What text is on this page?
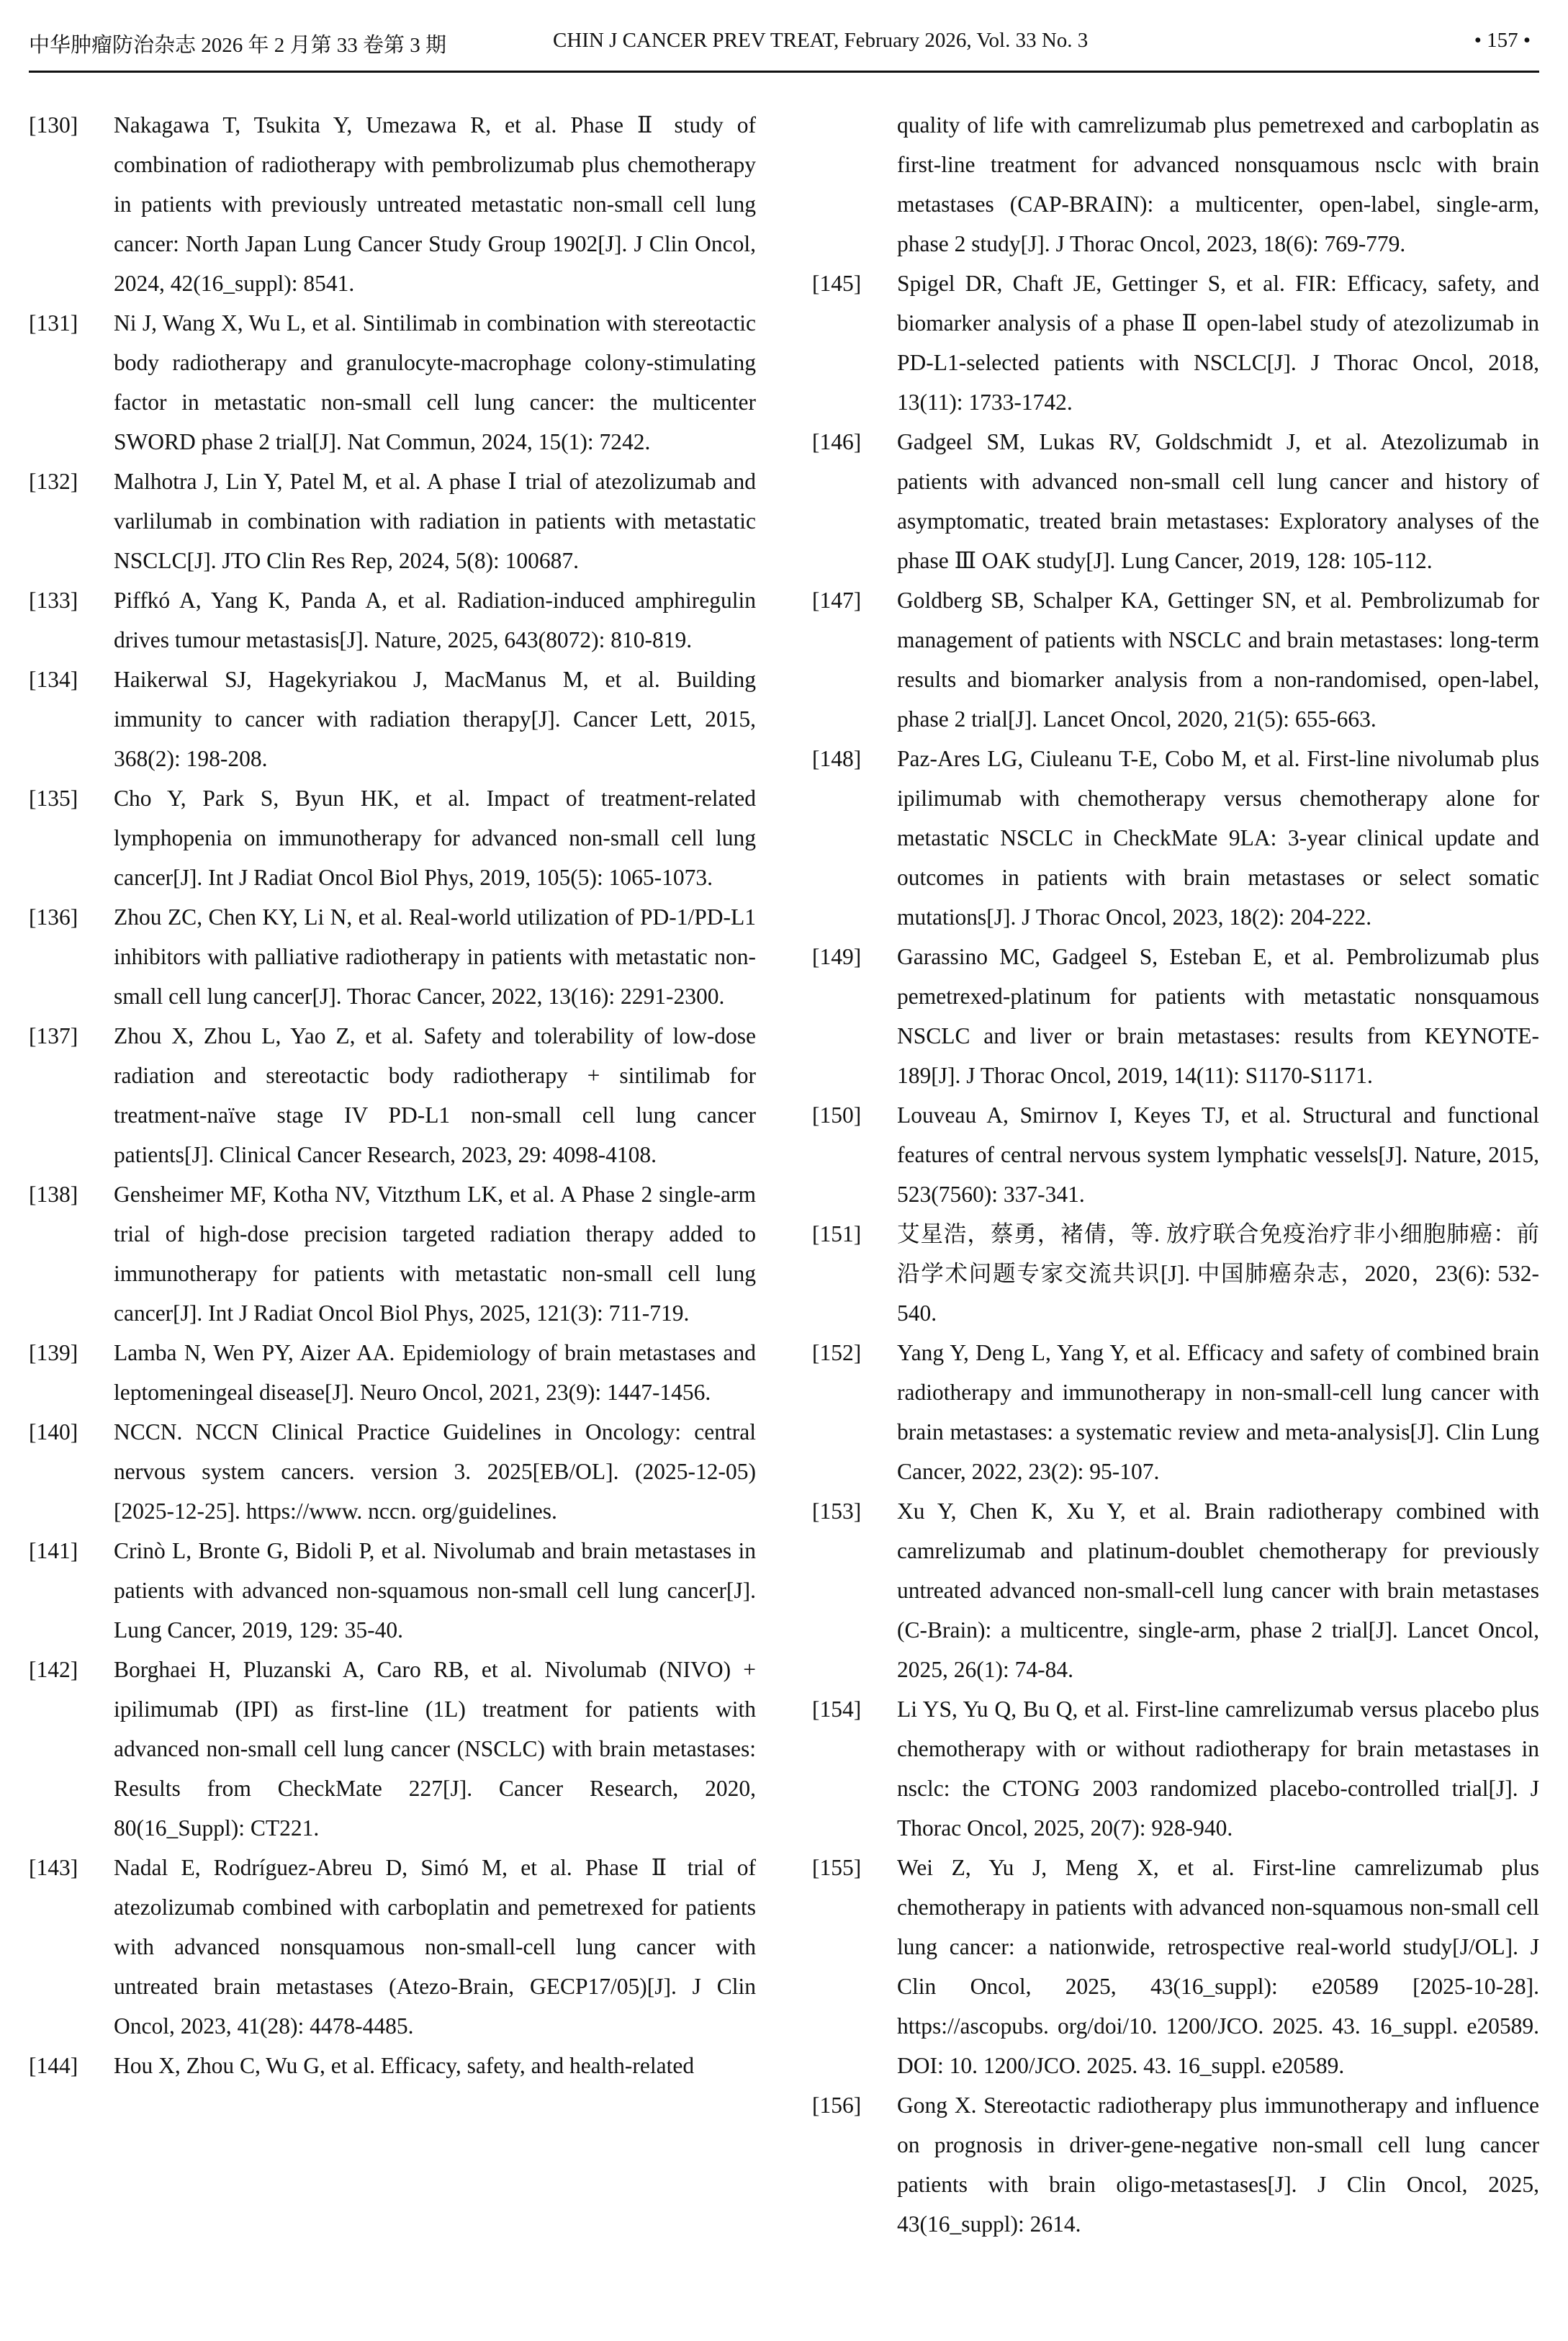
中华肿瘤防治杂志 2026 年 2 月第 33 卷第 3 期	CHIN J CANCER PREV TREAT, February 2026, Vol. 33 No. 3	• 157 •
[130] Nakagawa T, Tsukita Y, Umezawa R, et al. Phase Ⅱ study of combination of radiotherapy with pembrolizumab plus chemotherapy in patients with previously untreated metastatic non-small cell lung cancer: North Japan Lung Cancer Study Group 1902[J]. J Clin Oncol, 2024, 42(16_suppl): 8541.
[131] Ni J, Wang X, Wu L, et al. Sintilimab in combination with stereotactic body radiotherapy and granulocyte-macrophage colony-stimulating factor in metastatic non-small cell lung cancer: the multicenter SWORD phase 2 trial[J]. Nat Commun, 2024, 15(1): 7242.
[132] Malhotra J, Lin Y, Patel M, et al. A phase Ⅰ trial of atezolizumab and varlilumab in combination with radiation in patients with metastatic NSCLC[J]. JTO Clin Res Rep, 2024, 5(8): 100687.
[133] Piffkó A, Yang K, Panda A, et al. Radiation-induced amphiregulin drives tumour metastasis[J]. Nature, 2025, 643(8072): 810-819.
[134] Haikerwal SJ, Hagekyriakou J, MacManus M, et al. Building immunity to cancer with radiation therapy[J]. Cancer Lett, 2015, 368(2): 198-208.
[135] Cho Y, Park S, Byun HK, et al. Impact of treatment-related lymphopenia on immunotherapy for advanced non-small cell lung cancer[J]. Int J Radiat Oncol Biol Phys, 2019, 105(5): 1065-1073.
[136] Zhou ZC, Chen KY, Li N, et al. Real-world utilization of PD-1/PD-L1 inhibitors with palliative radiotherapy in patients with metastatic non-small cell lung cancer[J]. Thorac Cancer, 2022, 13(16): 2291-2300.
[137] Zhou X, Zhou L, Yao Z, et al. Safety and tolerability of low-dose radiation and stereotactic body radiotherapy + sintilimab for treatment-naïve stage IV PD-L1 non-small cell lung cancer patients[J]. Clinical Cancer Research, 2023, 29: 4098-4108.
[138] Gensheimer MF, Kotha NV, Vitzthum LK, et al. A Phase 2 single-arm trial of high-dose precision targeted radiation therapy added to immunotherapy for patients with metastatic non-small cell lung cancer[J]. Int J Radiat Oncol Biol Phys, 2025, 121(3): 711-719.
[139] Lamba N, Wen PY, Aizer AA. Epidemiology of brain metastases and leptomeningeal disease[J]. Neuro Oncol, 2021, 23(9): 1447-1456.
[140] NCCN. NCCN Clinical Practice Guidelines in Oncology: central nervous system cancers. version 3. 2025[EB/OL]. (2025-12-05) [2025-12-25]. https://www. nccn. org/guidelines.
[141] Crinò L, Bronte G, Bidoli P, et al. Nivolumab and brain metastases in patients with advanced non-squamous non-small cell lung cancer[J]. Lung Cancer, 2019, 129: 35-40.
[142] Borghaei H, Pluzanski A, Caro RB, et al. Nivolumab (NIVO) + ipilimumab (IPI) as first-line (1L) treatment for patients with advanced non-small cell lung cancer (NSCLC) with brain metastases: Results from CheckMate 227[J]. Cancer Research, 2020, 80(16_Suppl): CT221.
[143] Nadal E, Rodríguez-Abreu D, Simó M, et al. Phase Ⅱ trial of atezolizumab combined with carboplatin and pemetrexed for patients with advanced nonsquamous non-small-cell lung cancer with untreated brain metastases (Atezo-Brain, GECP17/05)[J]. J Clin Oncol, 2023, 41(28): 4478-4485.
[144] Hou X, Zhou C, Wu G, et al. Efficacy, safety, and health-related
quality of life with camrelizumab plus pemetrexed and carboplatin as first-line treatment for advanced nonsquamous nsclc with brain metastases (CAP-BRAIN): a multicenter, open-label, single-arm, phase 2 study[J]. J Thorac Oncol, 2023, 18(6): 769-779.
[145] Spigel DR, Chaft JE, Gettinger S, et al. FIR: Efficacy, safety, and biomarker analysis of a phase Ⅱ open-label study of atezolizumab in PD-L1-selected patients with NSCLC[J]. J Thorac Oncol, 2018, 13(11): 1733-1742.
[146] Gadgeel SM, Lukas RV, Goldschmidt J, et al. Atezolizumab in patients with advanced non-small cell lung cancer and history of asymptomatic, treated brain metastases: Exploratory analyses of the phase Ⅲ OAK study[J]. Lung Cancer, 2019, 128: 105-112.
[147] Goldberg SB, Schalper KA, Gettinger SN, et al. Pembrolizumab for management of patients with NSCLC and brain metastases: long-term results and biomarker analysis from a non-randomised, open-label, phase 2 trial[J]. Lancet Oncol, 2020, 21(5): 655-663.
[148] Paz-Ares LG, Ciuleanu T-E, Cobo M, et al. First-line nivolumab plus ipilimumab with chemotherapy versus chemotherapy alone for metastatic NSCLC in CheckMate 9LA: 3-year clinical update and outcomes in patients with brain metastases or select somatic mutations[J]. J Thorac Oncol, 2023, 18(2): 204-222.
[149] Garassino MC, Gadgeel S, Esteban E, et al. Pembrolizumab plus pemetrexed-platinum for patients with metastatic nonsquamous NSCLC and liver or brain metastases: results from KEYNOTE-189[J]. J Thorac Oncol, 2019, 14(11): S1170-S1171.
[150] Louveau A, Smirnov I, Keyes TJ, et al. Structural and functional features of central nervous system lymphatic vessels[J]. Nature, 2015, 523(7560): 337-341.
[151] 艾星浩，蔡勇，褚倩，等. 放疗联合免疫治疗非小细胞肺癌：前沿学术问题专家交流共识[J]. 中国肺癌杂志，2020，23(6): 532-540.
[152] Yang Y, Deng L, Yang Y, et al. Efficacy and safety of combined brain radiotherapy and immunotherapy in non-small-cell lung cancer with brain metastases: a systematic review and meta-analysis[J]. Clin Lung Cancer, 2022, 23(2): 95-107.
[153] Xu Y, Chen K, Xu Y, et al. Brain radiotherapy combined with camrelizumab and platinum-doublet chemotherapy for previously untreated advanced non-small-cell lung cancer with brain metastases (C-Brain): a multicentre, single-arm, phase 2 trial[J]. Lancet Oncol, 2025, 26(1): 74-84.
[154] Li YS, Yu Q, Bu Q, et al. First-line camrelizumab versus placebo plus chemotherapy with or without radiotherapy for brain metastases in nsclc: the CTONG 2003 randomized placebo-controlled trial[J]. J Thorac Oncol, 2025, 20(7): 928-940.
[155] Wei Z, Yu J, Meng X, et al. First-line camrelizumab plus chemotherapy in patients with advanced non-squamous non-small cell lung cancer: a nationwide, retrospective real-world study[J/OL]. J Clin Oncol, 2025, 43(16_suppl): e20589 [2025-10-28]. https://ascopubs. org/doi/10. 1200/JCO. 2025. 43. 16_suppl. e20589. DOI: 10. 1200/JCO. 2025. 43. 16_suppl. e20589.
[156] Gong X. Stereotactic radiotherapy plus immunotherapy and influence on prognosis in driver-gene-negative non-small cell lung cancer patients with brain oligo-metastases[J]. J Clin Oncol, 2025, 43(16_suppl): 2614.
